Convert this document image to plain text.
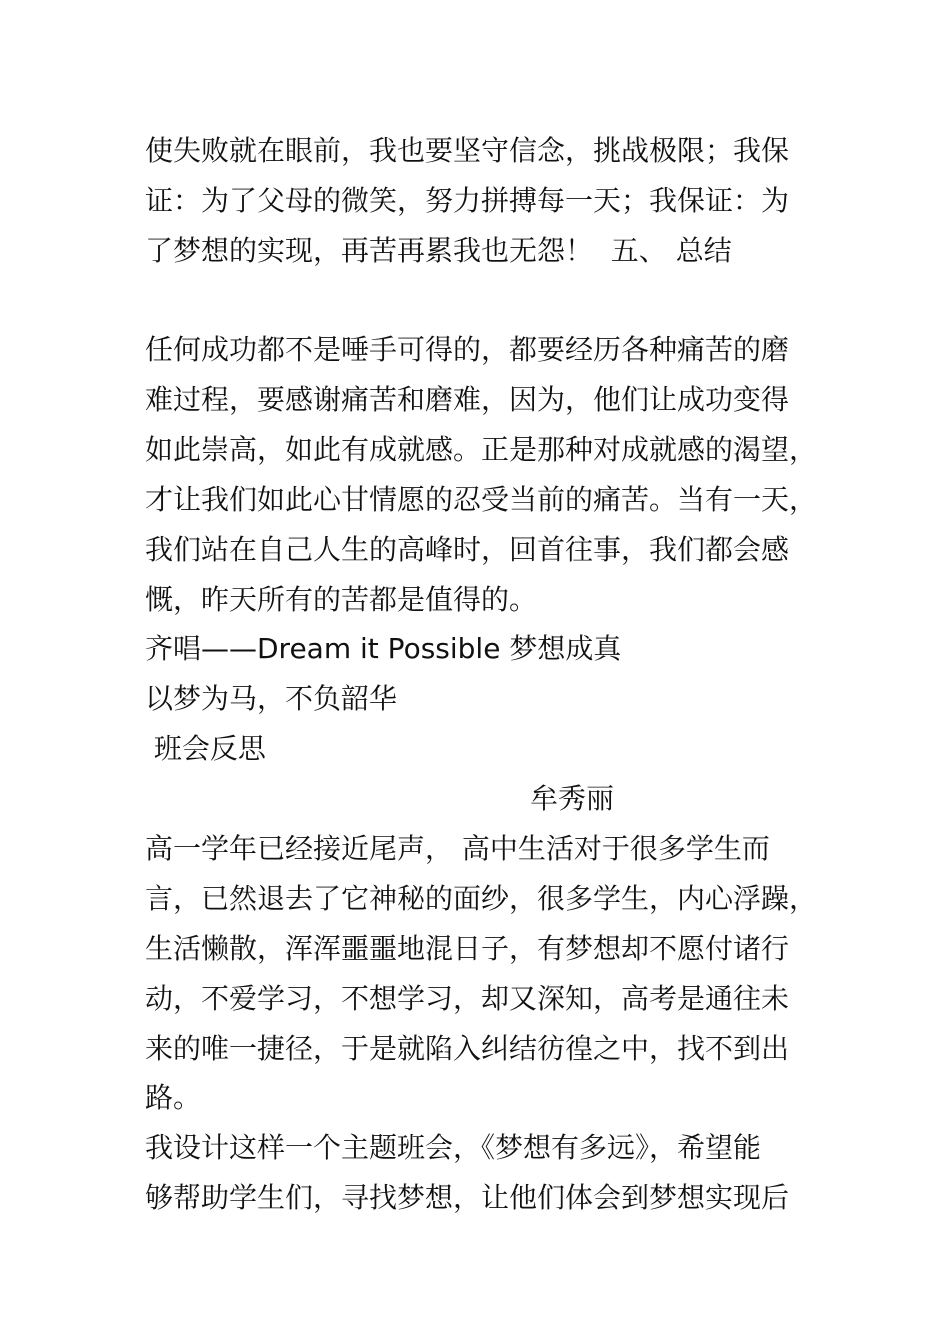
使失败就在眼前，我也要坚守信念，挑战极限；我保
证：为了父母的微笑，努力拼搏每一天；我保证：为
了梦想的实现，再苦再累我也无怨！  五、 总结
任何成功都不是唾手可得的，都要经历各种痛苦的磨
难过程，要感谢痛苦和磨难，因为，他们让成功变得
如此崇高，如此有成就感。正是那种对成就感的渴望，
才让我们如此心甘情愿的忍受当前的痛苦。当有一天，
我们站在自己人生的高峰时，回首往事，我们都会感
慨，昨天所有的苦都是值得的。
齐唱——Dream it Possible 梦想成真
以梦为马，不负韶华
班会反思
牟秀丽
高一学年已经接近尾声， 高中生活对于很多学生而
言，已然退去了它神秘的面纱，很多学生，内心浮躁，
生活懒散，浑浑噩噩地混日子，有梦想却不愿付诸行
动，不爱学习，不想学习，却又深知，高考是通往未
来的唯一捷径，于是就陷入纠结彷徨之中，找不到出
路。
我设计这样一个主题班会，《梦想有多远》，希望能
够帮助学生们，寻找梦想，让他们体会到梦想实现后
